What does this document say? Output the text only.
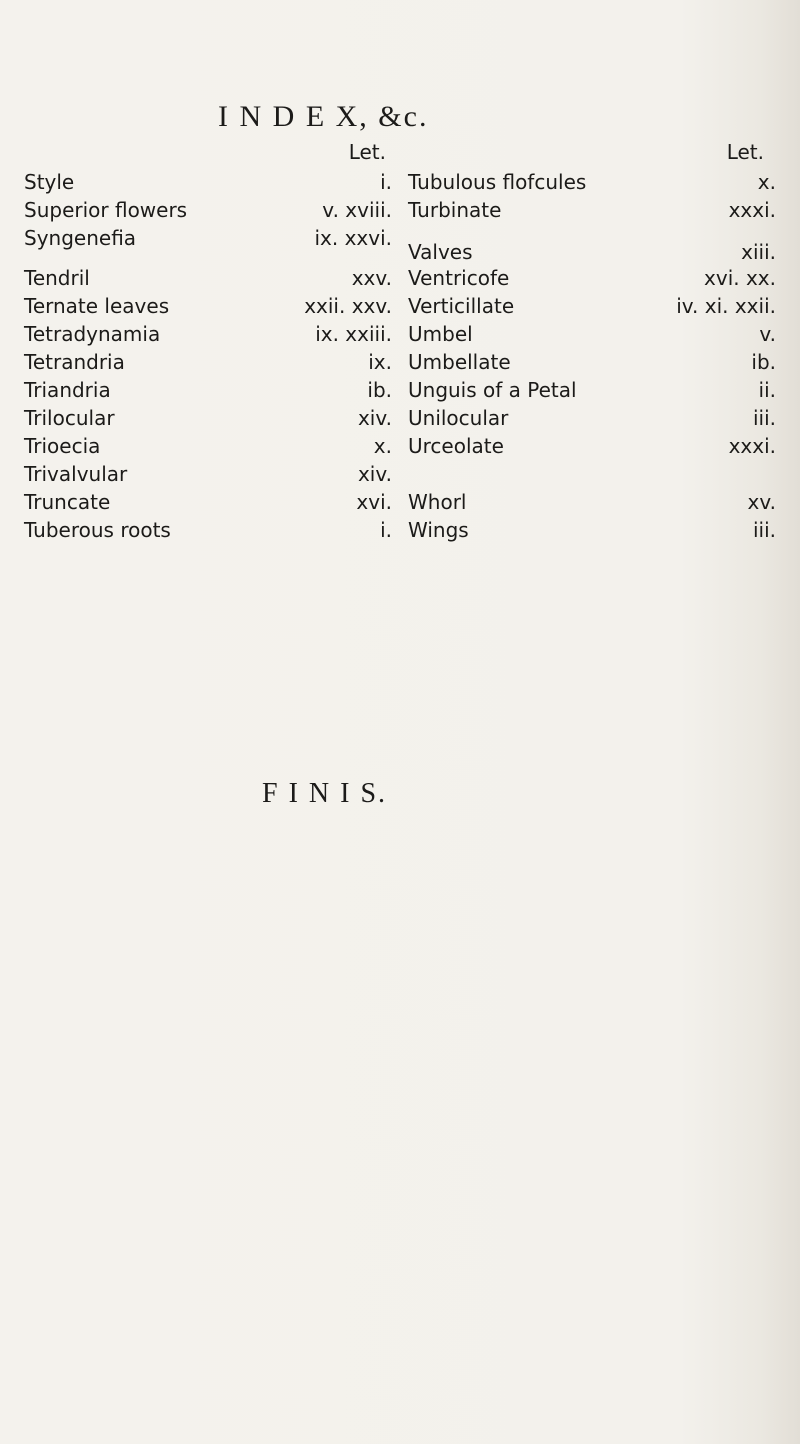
I N D E X, &c.
Let.
Style	i.
Superior flowers	v. xviii.
Syngenefia	ix. xxvi.
Tendril	xxv.
Ternate leaves	xxii. xxv.
Tetradynamia	ix. xxiii.
Tetrandria	ix.
Triandria	ib.
Trilocular	xiv.
Trioecia	x.
Trivalvular	xiv.
Truncate	xvi.
Tuberous roots	i.
Let.
Tubulous flofcules	x.
Turbinate	xxxi.
Valves	xiii.
Ventricofe	xvi. xx.
Verticillate	iv. xi. xxii.
Umbel	v.
Umbellate	ib.
Unguis of a Petal	ii.
Unilocular	iii.
Urceolate	xxxi.
Whorl	xv.
Wings	iii.
F I N I S.
